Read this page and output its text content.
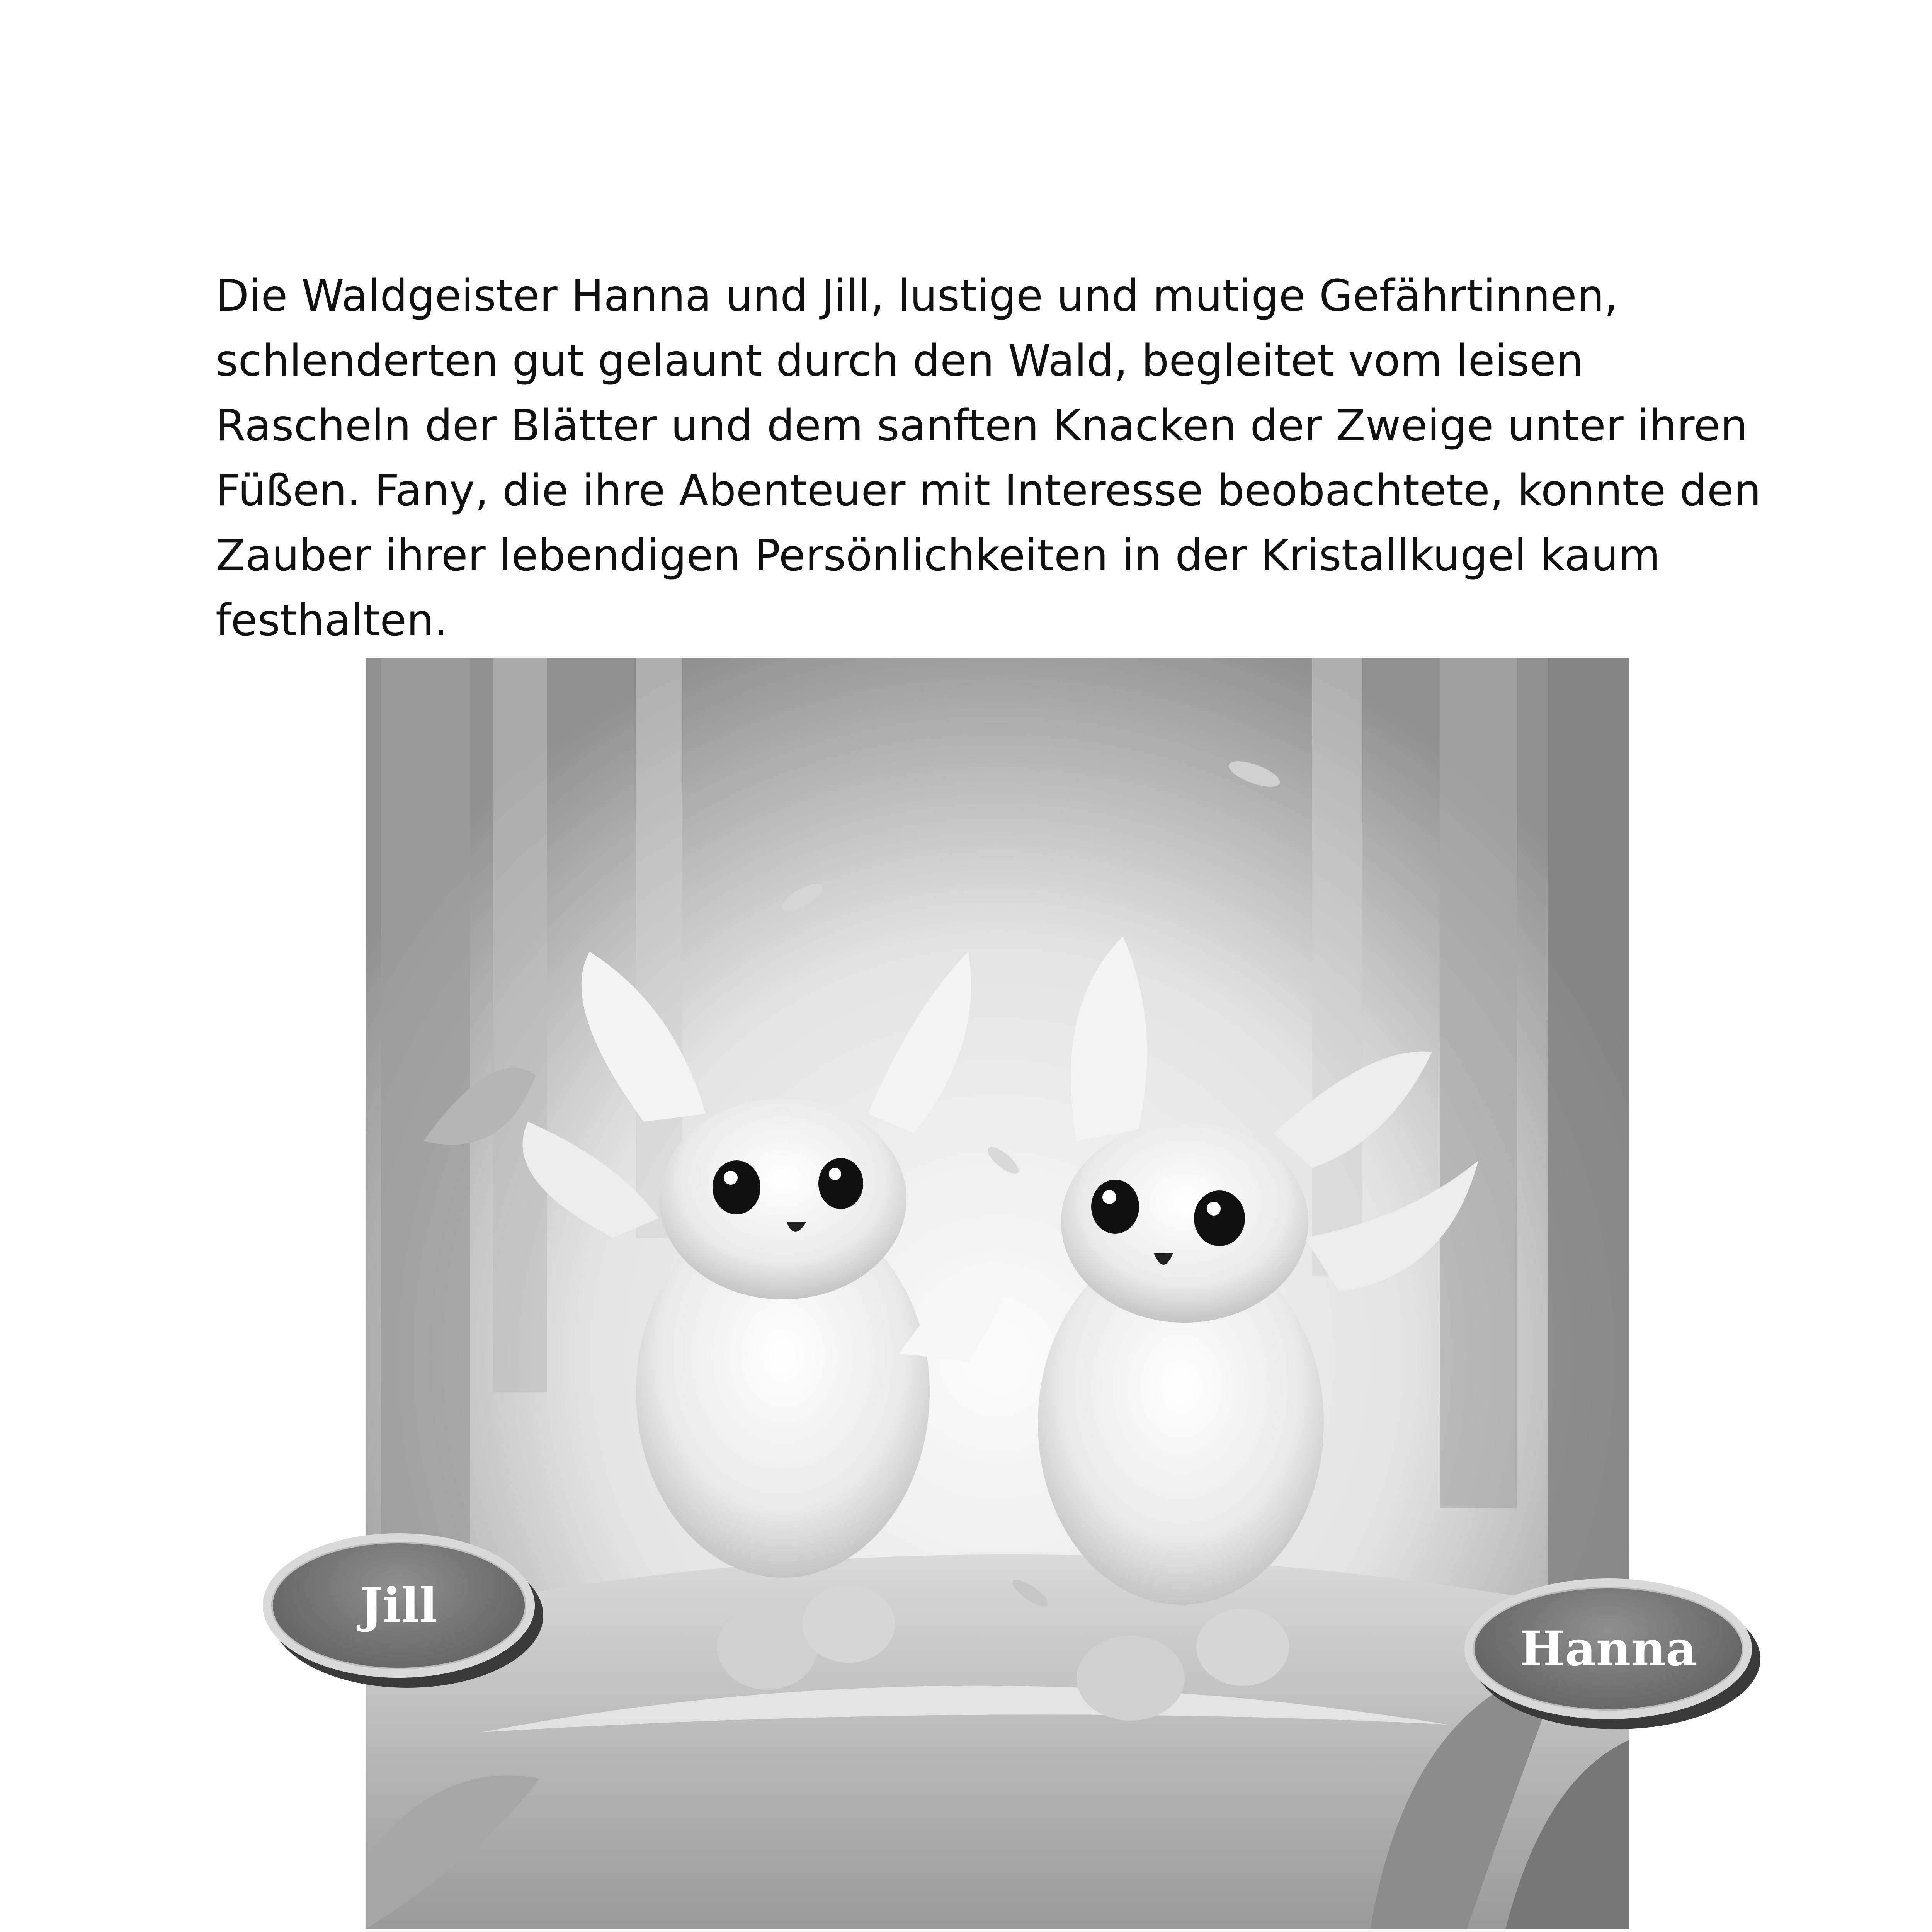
Die Waldgeister Hanna und Jill, lustige und mutige Gefährtinnen, schlenderten gut gelaunt durch den Wald, begleitet vom leisen Rascheln der Blätter und dem sanften Knacken der Zweige unter ihren Füßen. Fany, die ihre Abenteuer mit Interesse beobachtete, konnte den Zauber ihrer lebendigen Persönlichkeiten in der Kristallkugel kaum festhalten.

Jill
Hanna
